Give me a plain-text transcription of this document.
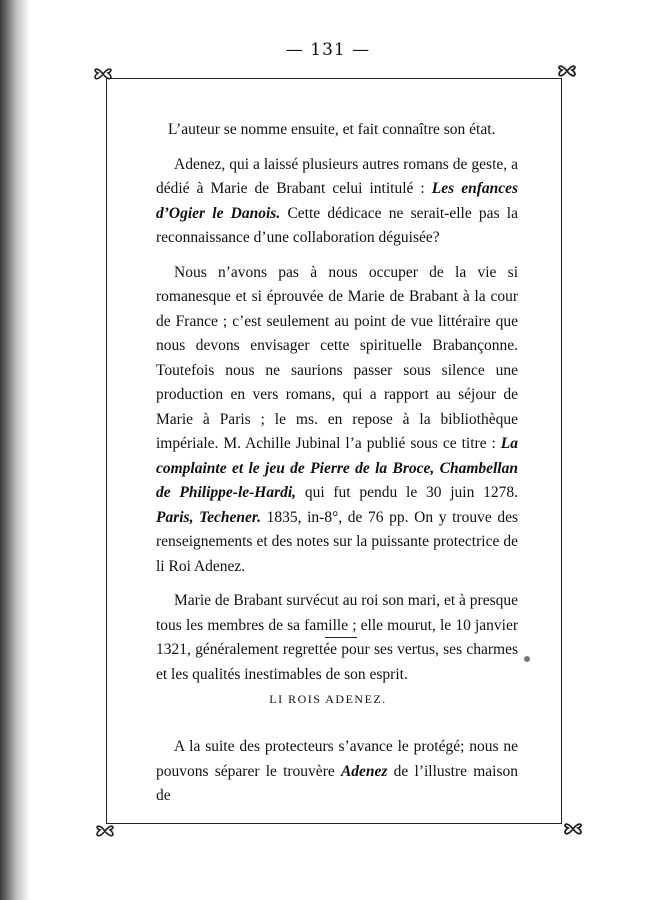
— 131 —

L’auteur se nomme ensuite, et fait connaître son état.

Adenez, qui a laissé plusieurs autres romans de geste, a dédié à Marie de Brabant celui intitulé : Les enfances d’Ogier le Danois. Cette dédicace ne serait-elle pas la reconnaissance d’une collaboration déguisée?

Nous n’avons pas à nous occuper de la vie si romanesque et si éprouvée de Marie de Brabant à la cour de France ; c’est seulement au point de vue littéraire que nous devons envisager cette spirituelle Brabançonne. Toutefois nous ne saurions passer sous silence une production en vers romans, qui a rapport au séjour de Marie à Paris ; le ms. en repose à la bibliothèque impériale. M. Achille Jubinal l’a publié sous ce titre : La complainte et le jeu de Pierre de la Broce, Chambellan de Philippe-le-Hardi, qui fut pendu le 30 juin 1278. Paris, Techener. 1835, in-8°, de 76 pp. On y trouve des renseignements et des notes sur la puissante protectrice de li Roi Adenez.

Marie de Brabant survécut au roi son mari, et à presque tous les membres de sa famille ; elle mourut, le 10 janvier 1321, généralement regrettée pour ses vertus, ses charmes et les qualités inestimables de son esprit.

LI ROIS ADENEZ.

A la suite des protecteurs s’avance le protégé; nous ne pouvons séparer le trouvère Adenez de l’illustre maison de
